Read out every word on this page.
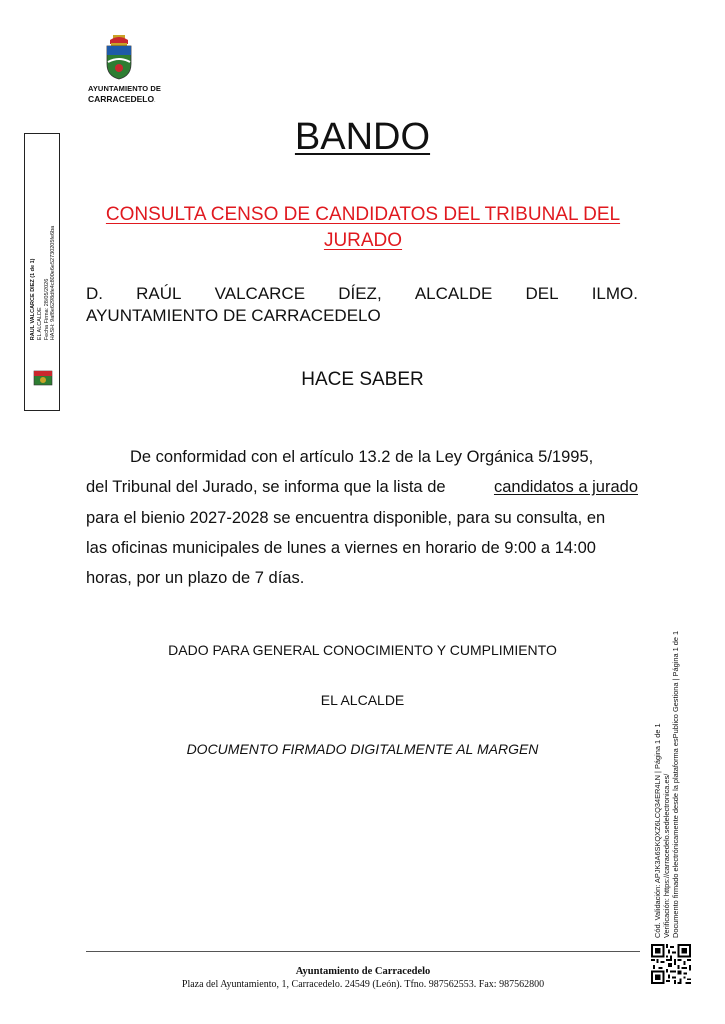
AYUNTAMIENTO DE
CARRACEDELO.
RAUL VALCARCE DIEZ (1 de 1) EL ALCALDE Fecha Firma: 28/05/2026 HASH: 9af8e6298dfe4c800e6e52730205fe6ba
BANDO
CONSULTA CENSO DE CANDIDATOS DEL TRIBUNAL DEL
JURADO
D. RAÚL VALCARCE DÍEZ, ALCALDE DEL ILMO.
AYUNTAMIENTO DE CARRACEDELO
HACE SABER
De conformidad con el artículo 13.2 de la Ley Orgánica 5/1995,
del Tribunal del Jurado, se informa que la lista de	candidatos a jurado
para el bienio 2027-2028 se encuentra disponible, para su consulta, en
las oficinas municipales de lunes a viernes en horario de 9:00 a 14:00
horas, por un plazo de 7 días.
DADO PARA GENERAL CONOCIMIENTO Y CUMPLIMIENTO
EL ALCALDE
DOCUMENTO FIRMADO DIGITALMENTE AL MARGEN
Ayuntamiento de Carracedelo
Plaza del Ayuntamiento, 1, Carracedelo. 24549 (León). Tfno. 987562553. Fax: 987562800
Cód. Validación: APJK3A6SKQXZ6LCQ34ER4LN | Página 1 de 1 Verificación: https://carracedelo.sedelectronica.es/ Documento firmado electrónicamente desde la plataforma esPublico Gestiona | Página 1 de 1
